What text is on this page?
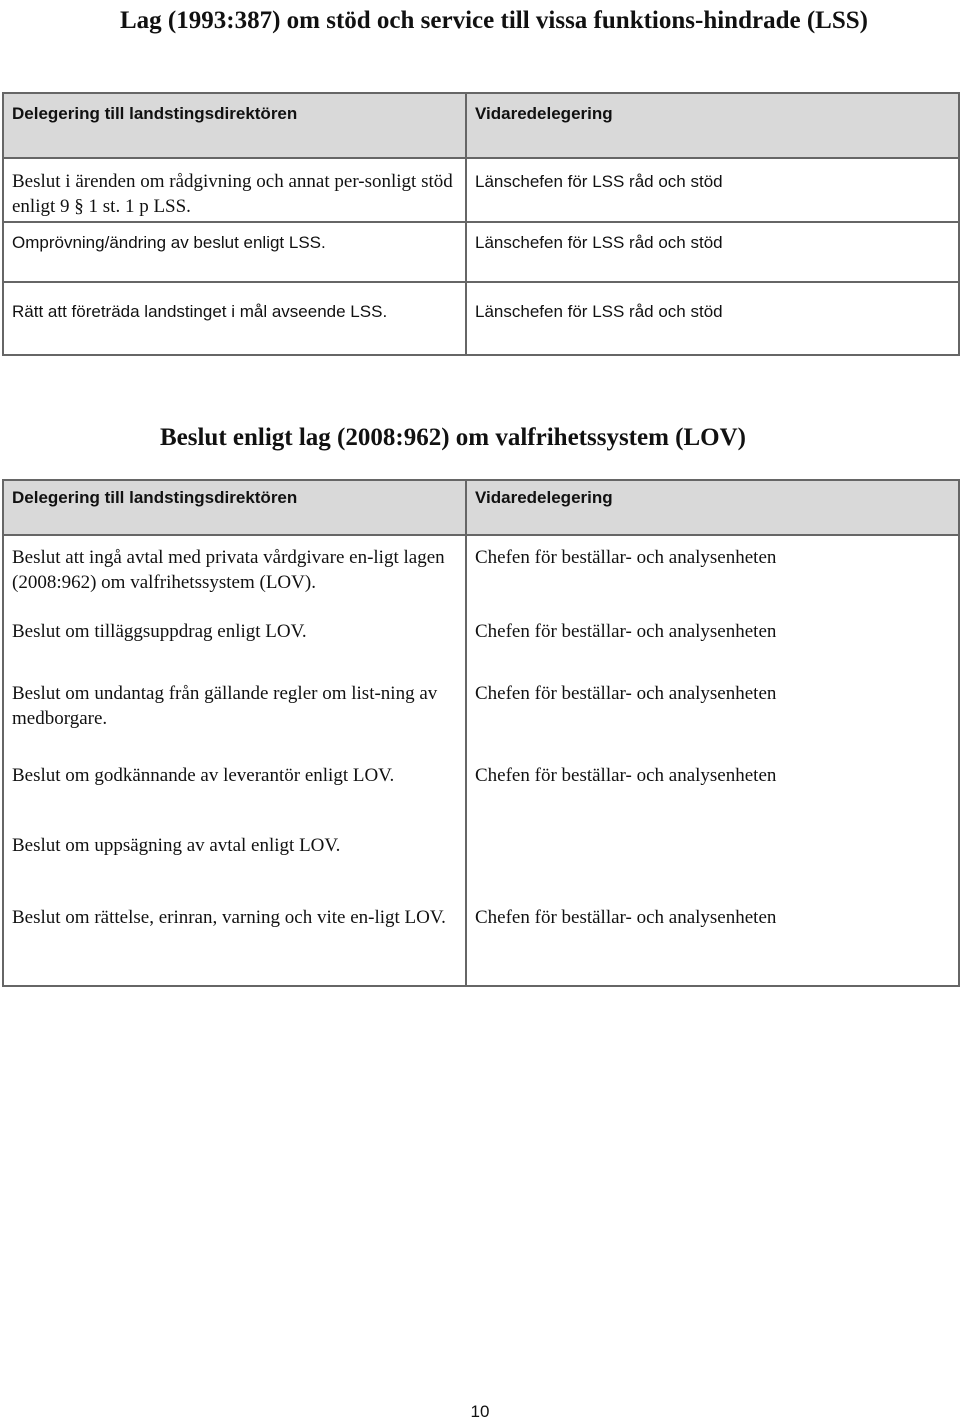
Lag (1993:387) om stöd och service till vissa funktions-hindrade (LSS)
Delegering till landstingsdirektören	Vidaredelegering
Beslut i ärenden om rådgivning och annat per-sonligt stöd enligt 9 § 1 st. 1 p LSS.	Länschefen för LSS råd och stöd
Omprövning/ändring av beslut enligt LSS.	Länschefen för LSS råd och stöd
Rätt att företräda landstinget i mål avseende LSS.	Länschefen för LSS råd och stöd
Beslut enligt lag (2008:962) om valfrihetssystem (LOV)
Delegering till landstingsdirektören	Vidaredelegering
Beslut att ingå avtal med privata vårdgivare en-ligt lagen (2008:962) om valfrihetssystem (LOV).	Chefen för beställar- och analysenheten
Beslut om tilläggsuppdrag enligt LOV.	Chefen för beställar- och analysenheten
Beslut om undantag från gällande regler om list-ning av medborgare.	Chefen för beställar- och analysenheten
Beslut om godkännande av leverantör enligt LOV.	Chefen för beställar- och analysenheten
Beslut om uppsägning av avtal enligt LOV.	
Beslut om rättelse, erinran, varning och vite en-ligt LOV.	Chefen för beställar- och analysenheten
10
